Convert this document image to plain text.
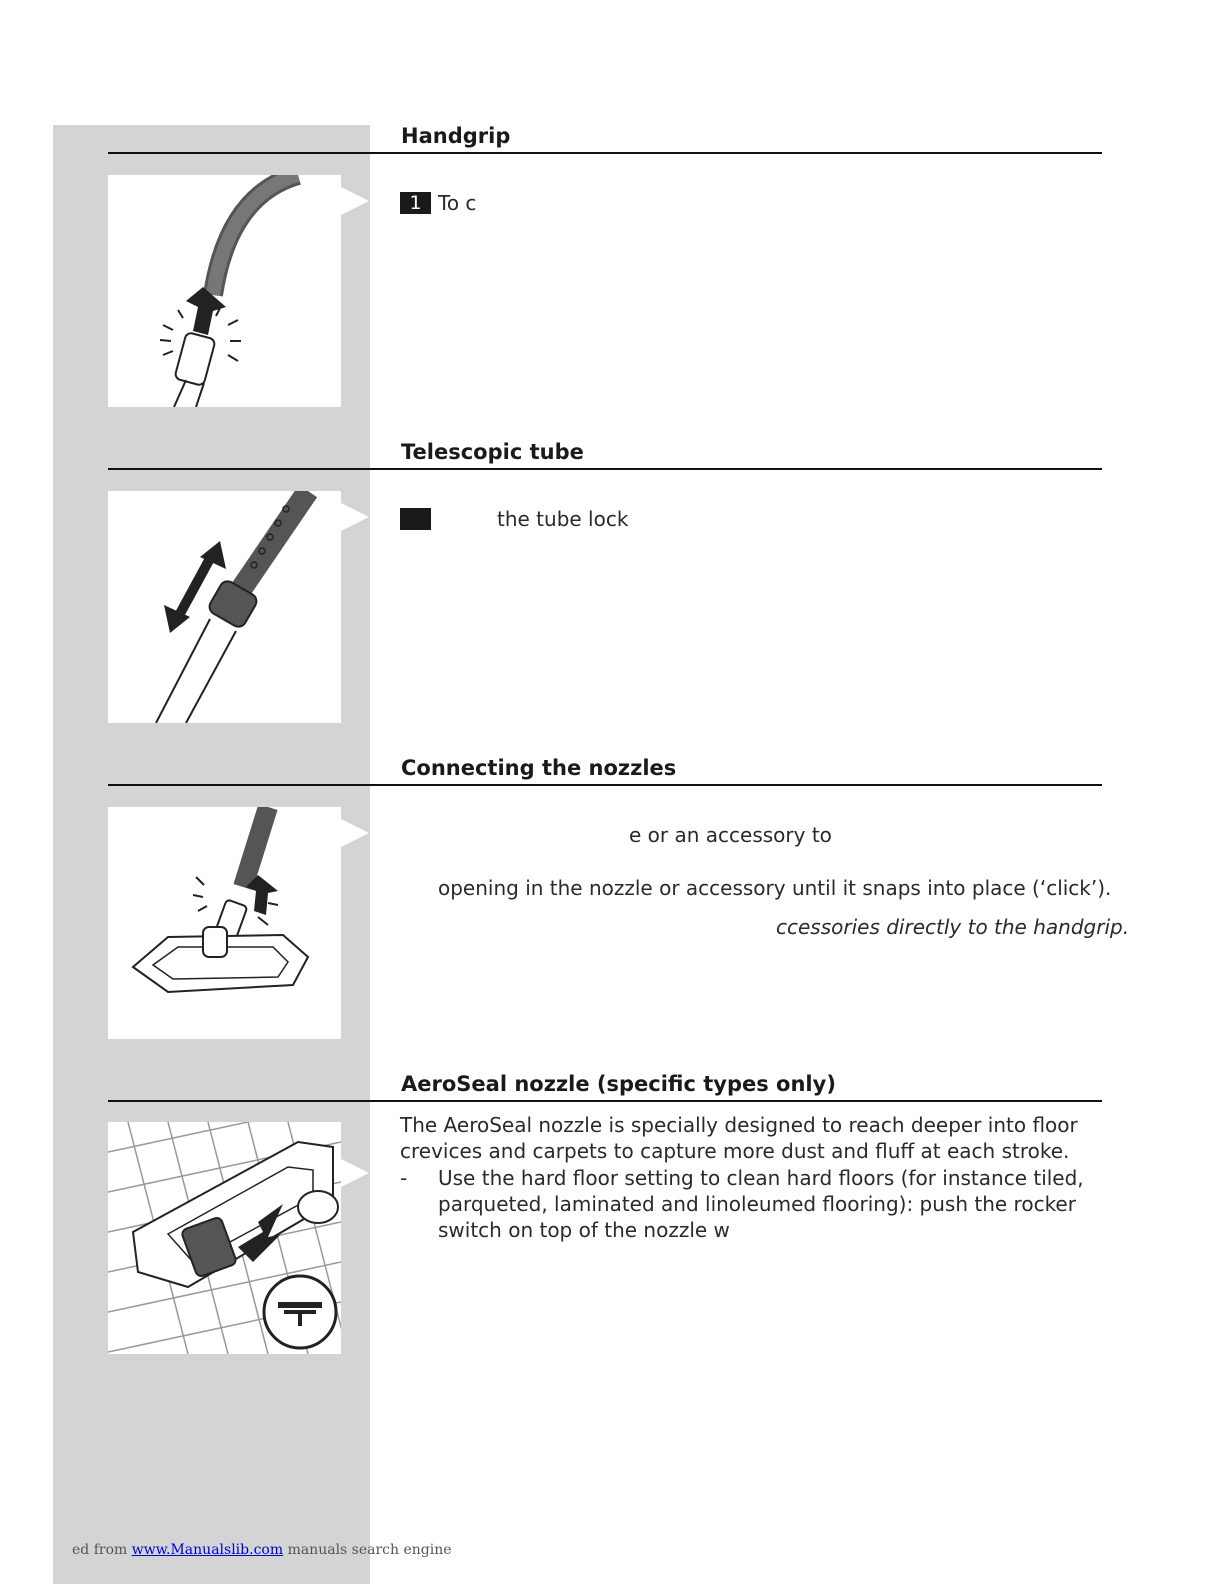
Handgrip
1 To c
Telescopic tube
the tube lock
Connecting the nozzles
e or an accessory to
opening in the nozzle or accessory until it snaps into place (‘click’).
ccessories directly to the handgrip.
AeroSeal nozzle (specific types only)
The AeroSeal nozzle is specially designed to reach deeper into floor crevices and carpets to capture more dust and fluff at each stroke.
- Use the hard floor setting to clean hard floors (for instance tiled, parqueted, laminated and linoleumed flooring): push the rocker switch on top of the nozzle w
ed from www.Manualslib.com manuals search engine
